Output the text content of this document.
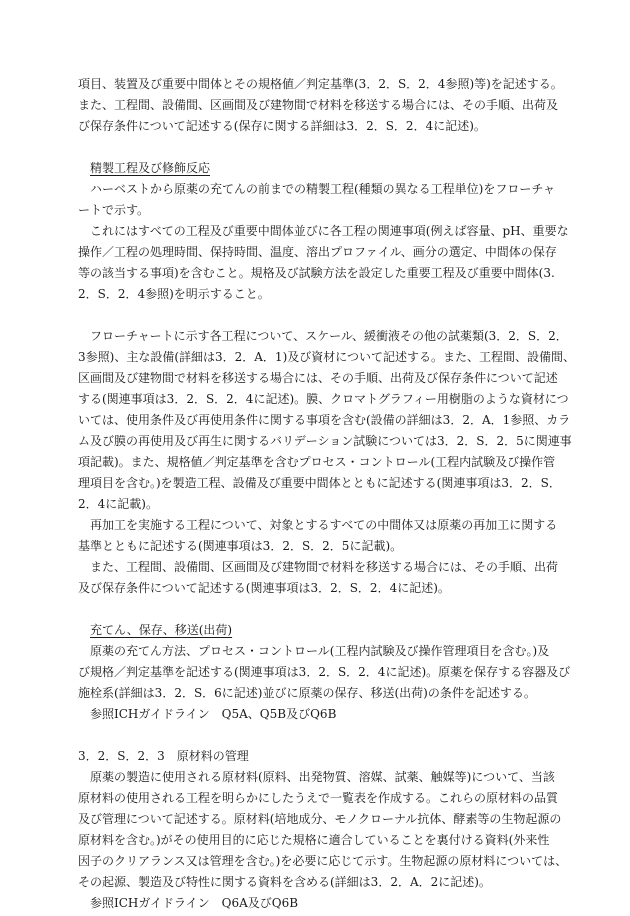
項目、装置及び重要中間体とその規格値／判定基準(3．2．S．2．4参照)等)を記述する。
また、工程間、設備間、区画間及び建物間で材料を移送する場合には、その手順、出荷及
び保存条件について記述する(保存に関する詳細は3．2．S．2．4に記述)。
精製工程及び修飾反応
ハーベストから原薬の充てんの前までの精製工程(種類の異なる工程単位)をフローチャ
ートで示す。
これにはすべての工程及び重要中間体並びに各工程の関連事項(例えば容量、pH、重要な
操作／工程の処理時間、保持時間、温度、溶出プロファイル、画分の選定、中間体の保存
等の該当する事項)を含むこと。規格及び試験方法を設定した重要工程及び重要中間体(3.
2．S．2．4参照)を明示すること。
フローチャートに示す各工程について、スケール、緩衝液その他の試薬類(3．2．S．2．
3参照)、主な設備(詳細は3．2．A．1)及び資材について記述する。また、工程間、設備間、
区画間及び建物間で材料を移送する場合には、その手順、出荷及び保存条件について記述
する(関連事項は3．2．S．2．4に記述)。膜、クロマトグラフィー用樹脂のような資材につ
いては、使用条件及び再使用条件に関する事項を含む(設備の詳細は3．2．A．1参照、カラ
ム及び膜の再使用及び再生に関するバリデーション試験については3．2．S．2．5に関連事
項記載)。また、規格値／判定基準を含むプロセス・コントロール(工程内試験及び操作管
理項目を含む。)を製造工程、設備及び重要中間体とともに記述する(関連事項は3．2．S．
2．4に記載)。
再加工を実施する工程について、対象とするすべての中間体又は原薬の再加工に関する
基準とともに記述する(関連事項は3．2．S．2．5に記載)。
また、工程間、設備間、区画間及び建物間で材料を移送する場合には、その手順、出荷
及び保存条件について記述する(関連事項は3．2．S．2．4に記述)。
充てん、保存、移送(出荷)
原薬の充てん方法、プロセス・コントロール(工程内試験及び操作管理項目を含む。)及
び規格／判定基準を記述する(関連事項は3．2．S．2．4に記述)。原薬を保存する容器及び
施栓系(詳細は3．2．S．6に記述)並びに原薬の保存、移送(出荷)の条件を記述する。
参照ICHガイドライン　Q5A、Q5B及びQ6B
3．2．S．2．3　原材料の管理
原薬の製造に使用される原材料(原料、出発物質、溶媒、試薬、触媒等)について、当該
原材料の使用される工程を明らかにしたうえで一覧表を作成する。これらの原材料の品質
及び管理について記述する。原材料(培地成分、モノクローナル抗体、酵素等の生物起源の
原材料を含む。)がその使用目的に応じた規格に適合していることを裏付ける資料(外来性
因子のクリアランス又は管理を含む。)を必要に応じて示す。生物起源の原材料については、
その起源、製造及び特性に関する資料を含める(詳細は3．2．A．2に記述)。
参照ICHガイドライン　Q6A及びQ6B
